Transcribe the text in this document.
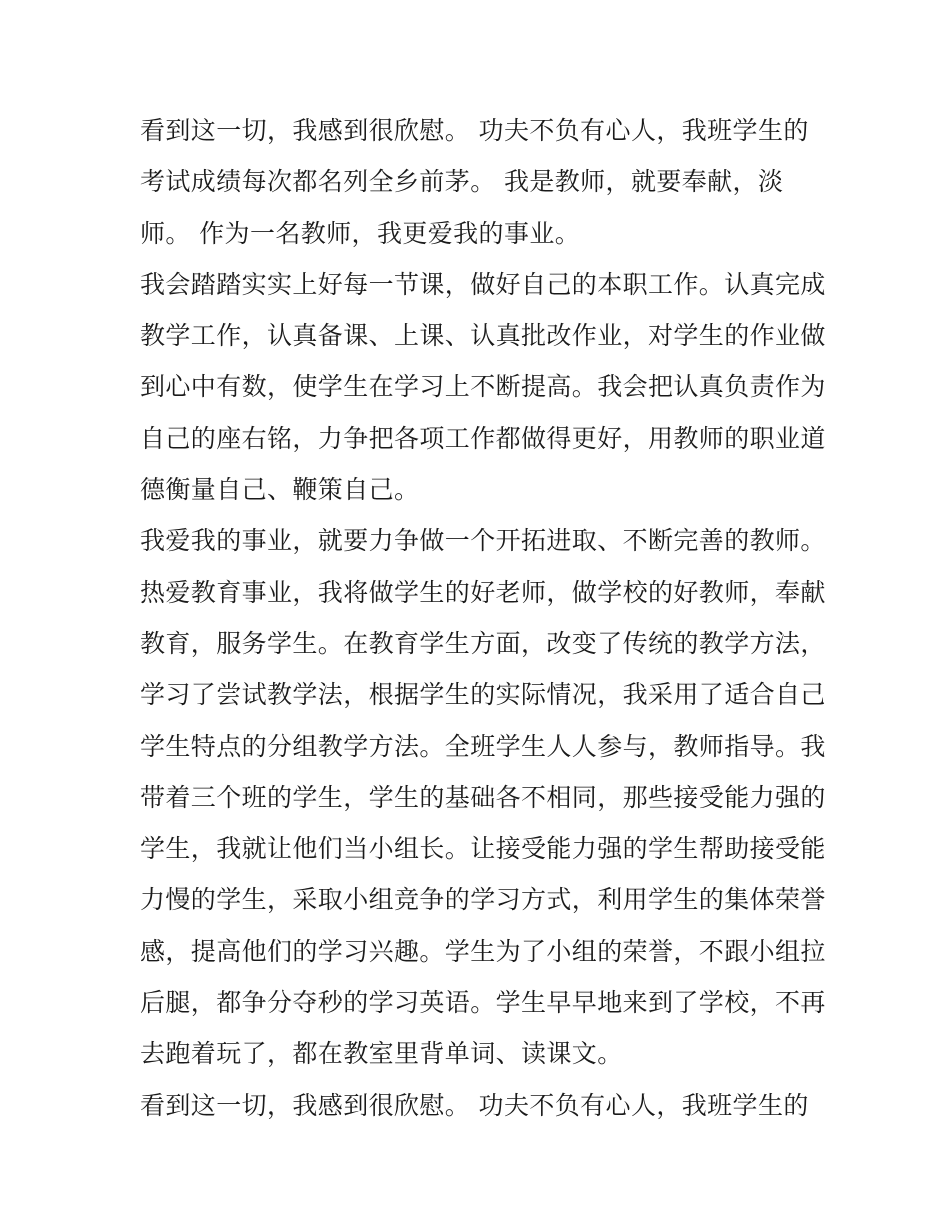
看到这一切，我感到很欣慰。 功夫不负有心人，我班学生的
考试成绩每次都名列全乡前茅。 我是教师，就要奉献，淡
师。 作为一名教师，我更爱我的事业。
我会踏踏实实上好每一节课，做好自己的本职工作。认真完成
教学工作，认真备课、上课、认真批改作业，对学生的作业做
到心中有数，使学生在学习上不断提高。我会把认真负责作为
自己的座右铭，力争把各项工作都做得更好，用教师的职业道
德衡量自己、鞭策自己。
我爱我的事业，就要力争做一个开拓进取、不断完善的教师。
热爱教育事业，我将做学生的好老师，做学校的好教师，奉献
教育，服务学生。在教育学生方面，改变了传统的教学方法，
学习了尝试教学法，根据学生的实际情况，我采用了适合自己
学生特点的分组教学方法。全班学生人人参与，教师指导。我
带着三个班的学生，学生的基础各不相同，那些接受能力强的
学生，我就让他们当小组长。让接受能力强的学生帮助接受能
力慢的学生，采取小组竞争的学习方式，利用学生的集体荣誉
感，提高他们的学习兴趣。学生为了小组的荣誉，不跟小组拉
后腿，都争分夺秒的学习英语。学生早早地来到了学校，不再
去跑着玩了，都在教室里背单词、读课文。
看到这一切，我感到很欣慰。 功夫不负有心人，我班学生的
